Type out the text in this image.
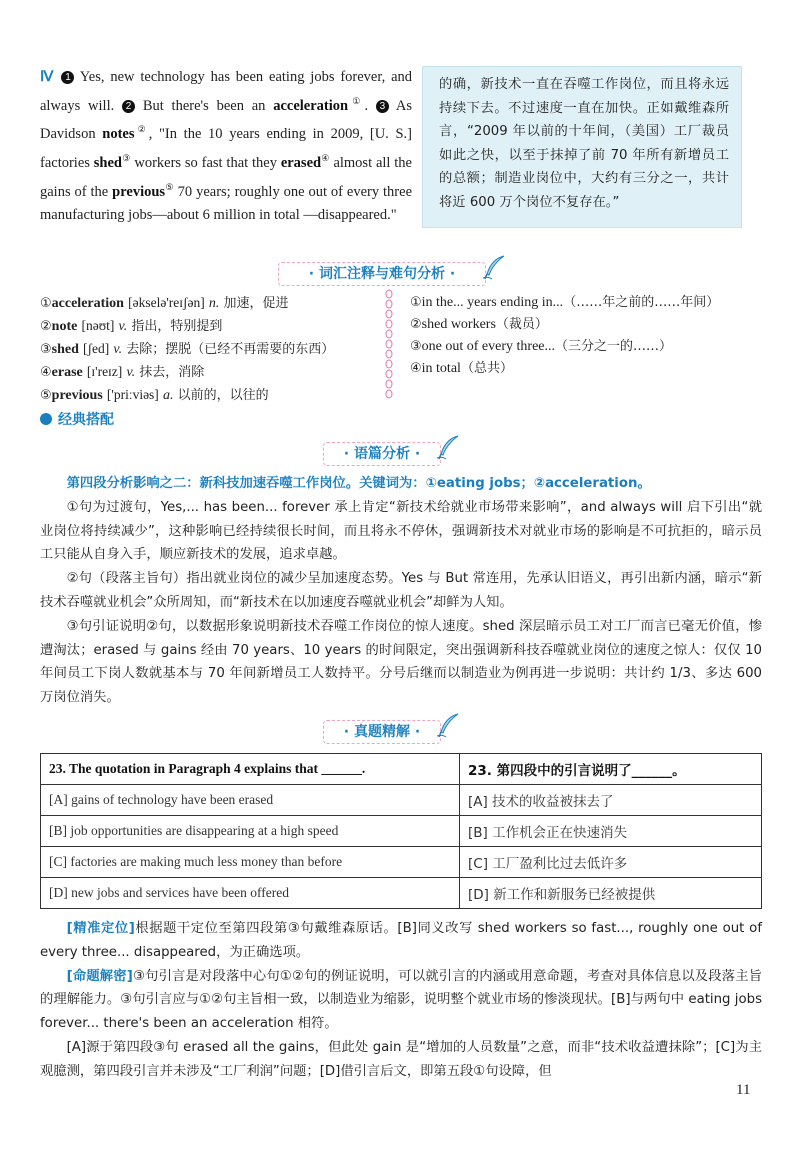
Ⅳ 1 Yes, new technology has been eating jobs forever, and always will. 2 But there's been an acceleration①. 3 As Davidson notes②, "In the 10 years ending in 2009, [U. S.] factories shed③ workers so fast that they erased④ almost all the gains of the previous⑤ 70 years; roughly one out of every three manufacturing jobs—about 6 million in total —disappeared."
的确，新技术一直在吞噬工作岗位，而且将永远持续下去。不过速度一直在加快。正如戴维森所言，“2009 年以前的十年间，（美国）工厂裁员如此之快，以至于抹掉了前 70 年所有新增员工的总额；制造业岗位中，大约有三分之一，共计将近 600 万个岗位不复存在。”
· 词汇注释与难句分析 ·
①acceleration [əkselə'reɪʃən] n. 加速，促进
②note [nəʊt] v. 指出，特别提到
③shed [ʃed] v. 去除；摆脱（已经不再需要的东西）
④erase [ɪ'reɪz] v. 抹去，消除
⑤previous ['priːviəs] a. 以前的，以往的
①in the... years ending in...（……年之前的……年间）
②shed workers（裁员）
③one out of every three...（三分之一的……）
④in total（总共）
经典搭配
· 语篇分析 ·

第四段分析影响之二：新科技加速吞噬工作岗位。关键词为：①eating jobs；②acceleration。

①句为过渡句，Yes,... has been... forever 承上肯定“新技术给就业市场带来影响”，and always will 启下引出“就业岗位将持续减少”，这种影响已经持续很长时间，而且将永不停休，强调新技术对就业市场的影响是不可抗拒的，暗示员工只能从自身入手，顺应新技术的发展，追求卓越。

②句（段落主旨句）指出就业岗位的减少呈加速度态势。Yes 与 But 常连用，先承认旧语义，再引出新内涵，暗示“新技术吞噬就业机会”众所周知，而“新技术在以加速度吞噬就业机会”却鲜为人知。

③句引证说明②句，以数据形象说明新技术吞噬工作岗位的惊人速度。shed 深层暗示员工对工厂而言已毫无价值，惨遭淘汰；erased 与 gains 经由 70 years、10 years 的时间限定，突出强调新科技吞噬就业岗位的速度之惊人：仅仅 10 年间员工下岗人数就基本与 70 年间新增员工人数持平。分号后继而以制造业为例再进一步说明：共计约 1/3、多达 600 万岗位消失。

· 真题精解 ·
23. The quotation in Paragraph 4 explains that ______.	23. 第四段中的引言说明了______。
[A] gains of technology have been erased	[A] 技术的收益被抹去了
[B] job opportunities are disappearing at a high speed	[B] 工作机会正在快速消失
[C] factories are making much less money than before	[C] 工厂盈利比过去低许多
[D] new jobs and services have been offered	[D] 新工作和新服务已经被提供

[精准定位]根据题干定位至第四段第③句戴维森原话。[B]同义改写 shed workers so fast..., roughly one out of every three... disappeared，为正确选项。

[命题解密]③句引言是对段落中心句①②句的例证说明，可以就引言的内涵或用意命题，考查对具体信息以及段落主旨的理解能力。③句引言应与①②句主旨相一致，以制造业为缩影，说明整个就业市场的惨淡现状。[B]与两句中 eating jobs forever... there's been an acceleration 相符。

[A]源于第四段③句 erased all the gains，但此处 gain 是“增加的人员数量”之意，而非“技术收益遭抹除”；[C]为主观臆测，第四段引言并未涉及“工厂利润”问题；[D]借引言后文，即第五段①句设障，但

11
